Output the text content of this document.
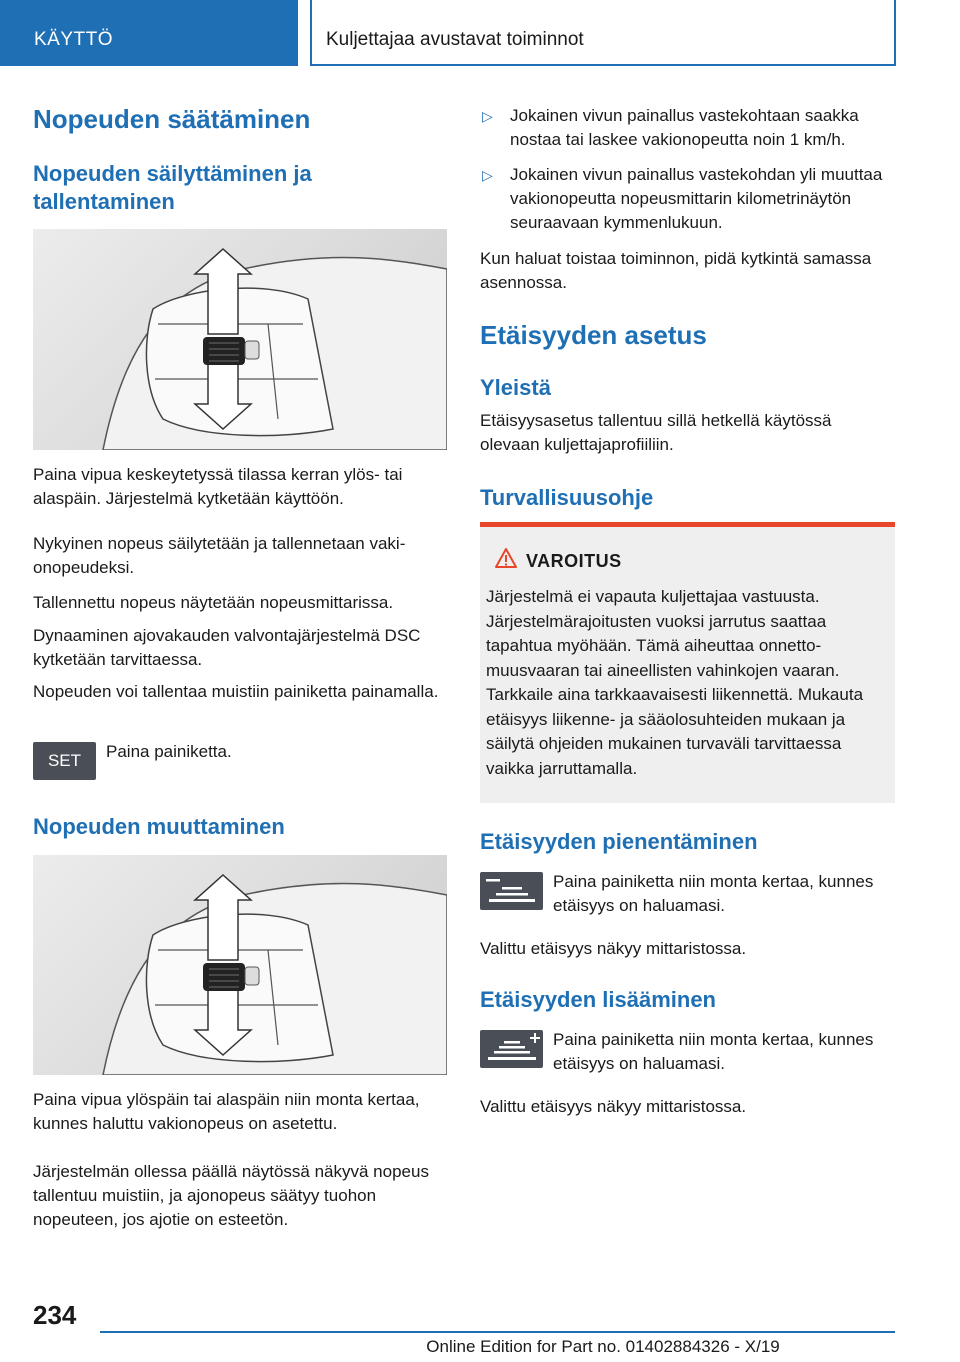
KÄYTTÖ	Kuljettajaa avustavat toiminnot
Nopeuden säätäminen
Nopeuden säilyttäminen ja tallentaminen

Paina vipua keskeytetyssä tilassa kerran ylös- tai alaspäin. Järjestelmä kytketään käyttöön.

Nykyinen nopeus säilytetään ja tallennetaan vakionopeudeksi.

Tallennettu nopeus näytetään nopeusmittarissa.

Dynaaminen ajovakauden valvontajärjestelmä DSC kytketään tarvittaessa.

Nopeuden voi tallentaa muistiin painiketta painamalla.

SET	Paina painiketta.

Nopeuden muuttaminen

Paina vipua ylöspäin tai alaspäin niin monta kertaa, kunnes haluttu vakionopeus on asetettu.

Järjestelmän ollessa päällä näytössä näkyvä nopeus tallentuu muistiin, ja ajonopeus säätyy tuohon nopeuteen, jos ajotie on esteetön.

▷ Jokainen vivun painallus vastekohtaan saakka nostaa tai laskee vakionopeutta noin 1 km/h.
▷ Jokainen vivun painallus vastekohdan yli muuttaa vakionopeutta nopeusmittarin kilometrinäytön seuraavaan kymmenlukuun.

Kun haluat toistaa toiminnon, pidä kytkintä samassa asennossa.

Etäisyyden asetus
Yleistä

Etäisyysasetus tallentuu sillä hetkellä käytössä olevaan kuljettajaprofiiliin.

Turvallisuusohje
VAROITUS

Järjestelmä ei vapauta kuljettajaa vastuusta. Järjestelmärajoitusten vuoksi jarrutus saattaa tapahtua myöhään. Tämä aiheuttaa onnettomuusvaaran tai aineellisten vahinkojen vaaran. Tarkkaile aina tarkkaavaisesti liikennettä. Mukauta etäisyys liikenne- ja sääolosuhteiden mukaan ja säilytä ohjeiden mukainen turvaväli tarvittaessa vaikka jarruttamalla.

Etäisyyden pienentäminen

Paina painiketta niin monta kertaa, kunnes etäisyys on haluamasi.

Valittu etäisyys näkyy mittaristossa.

Etäisyyden lisääminen

Paina painiketta niin monta kertaa, kunnes etäisyys on haluamasi.

Valittu etäisyys näkyy mittaristossa.

234
Online Edition for Part no. 01402884326 - X/19
